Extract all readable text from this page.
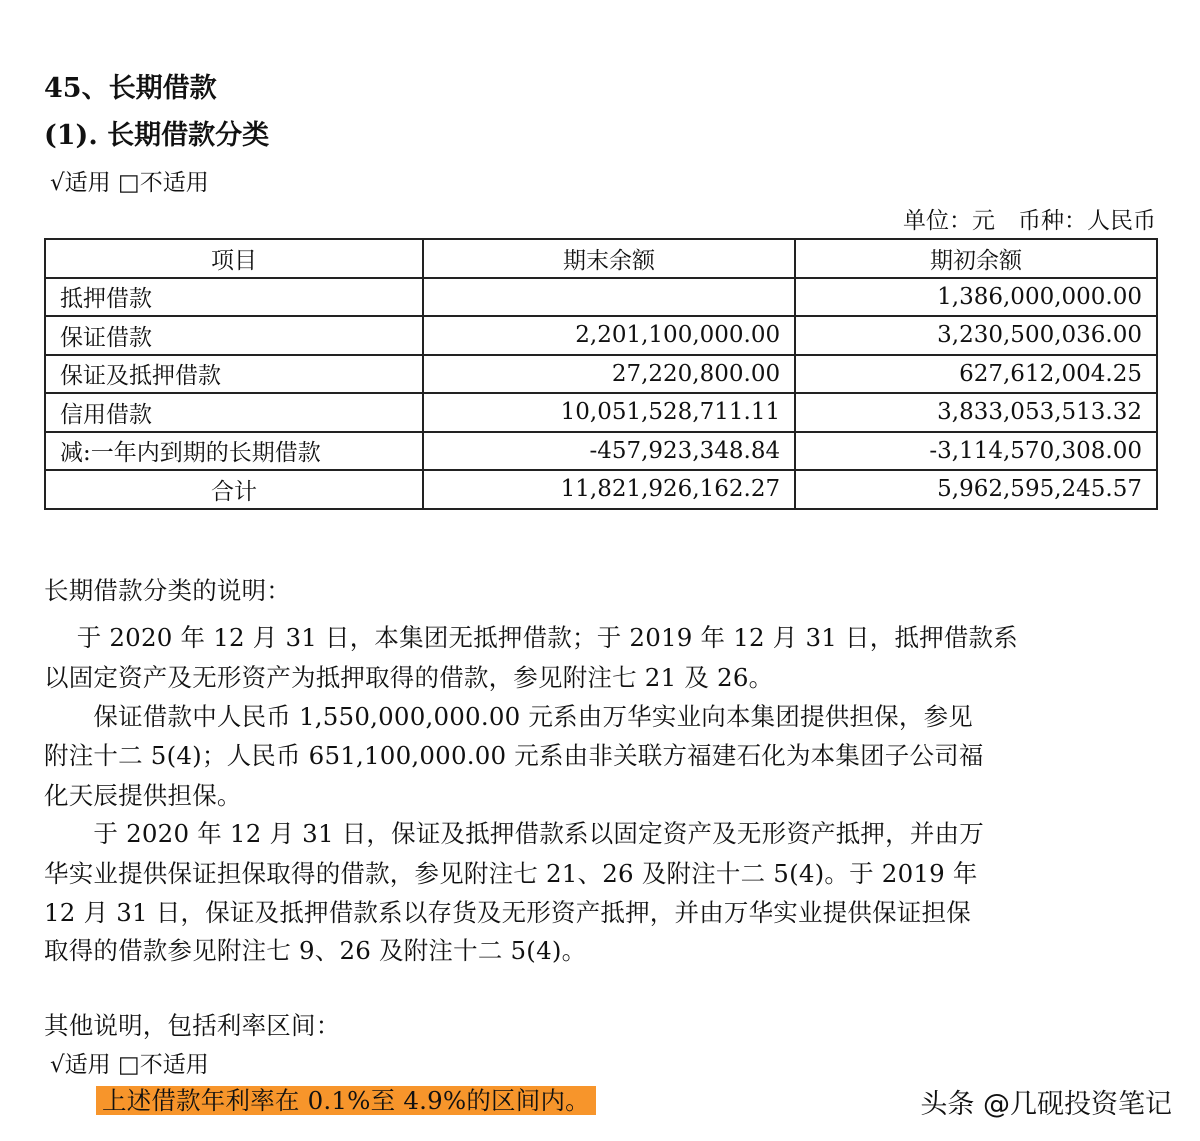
45、长期借款
(1). 长期借款分类
√适用 □不适用
单位：元　币种：人民币
项目	期末余额	期初余额
抵押借款		1,386,000,000.00
保证借款	2,201,100,000.00	3,230,500,036.00
保证及抵押借款	27,220,800.00	627,612,004.25
信用借款	10,051,528,711.11	3,833,053,513.32
减:一年内到期的长期借款	-457,923,348.84	-3,114,570,308.00
合计	11,821,926,162.27	5,962,595,245.57
长期借款分类的说明：
　 于 2020 年 12 月 31 日，本集团无抵押借款；于 2019 年 12 月 31 日，抵押借款系
以固定资产及无形资产为抵押取得的借款，参见附注七 21 及 26。
　　保证借款中人民币 1,550,000,000.00 元系由万华实业向本集团提供担保，参见
附注十二 5(4)；人民币 651,100,000.00 元系由非关联方福建石化为本集团子公司福
化天辰提供担保。
　　于 2020 年 12 月 31 日，保证及抵押借款系以固定资产及无形资产抵押，并由万
华实业提供保证担保取得的借款，参见附注七 21、26 及附注十二 5(4)。于 2019 年
12 月 31 日，保证及抵押借款系以存货及无形资产抵押，并由万华实业提供保证担保
取得的借款参见附注七 9、26 及附注十二 5(4)。
其他说明，包括利率区间：
√适用 □不适用
上述借款年利率在 0.1%至 4.9%的区间内。	头条 @几砚投资笔记
